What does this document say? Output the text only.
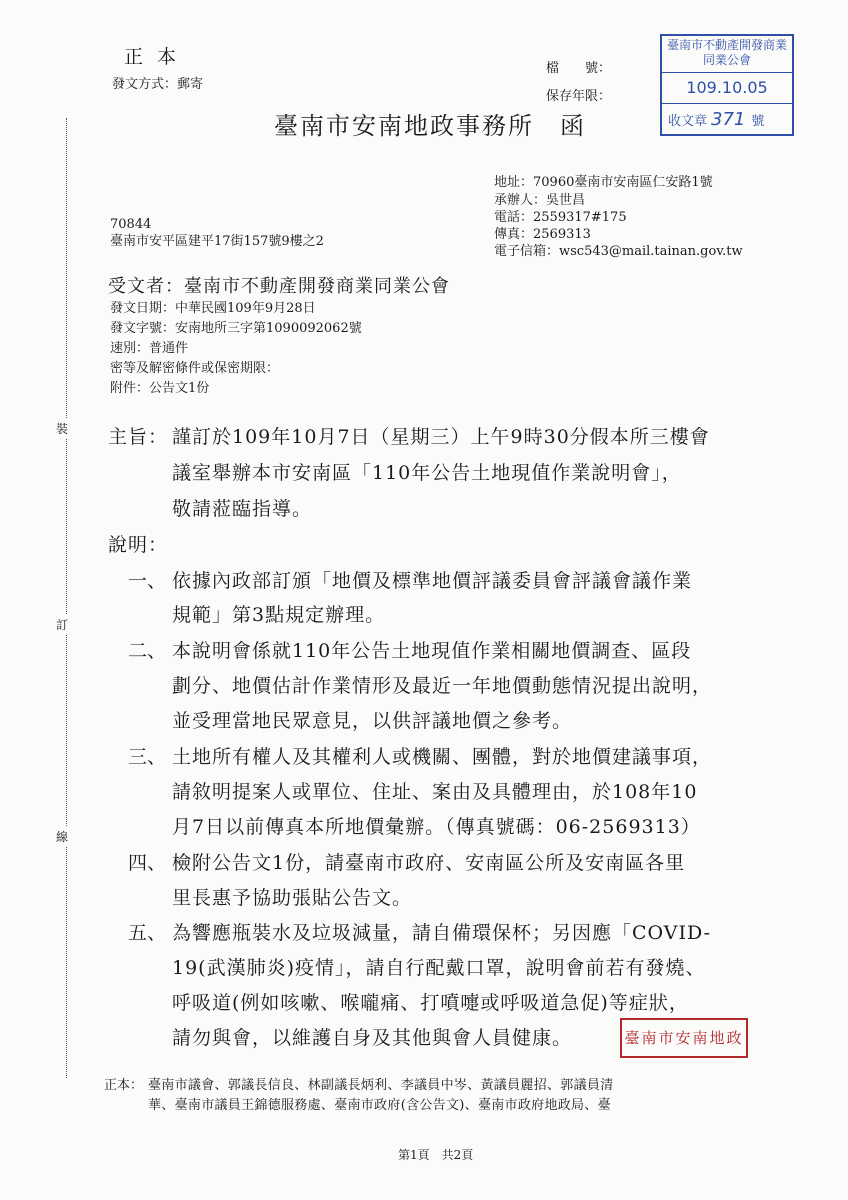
裝
訂
線
正 本
發文方式：郵寄
檔　　號：
保存年限：
臺南市安南地政事務所　函
臺南市不動產開發商業同業公會
109.10.05
收文章 371 號
地址：70960臺南市安南區仁安路1號
承辦人：吳世昌
電話：2559317#175
傳真：2569313
電子信箱：wsc543@mail.tainan.gov.tw
70844
臺南市安平區建平17街157號9樓之2
受文者：臺南市不動產開發商業同業公會
發文日期：中華民國109年9月28日
發文字號：安南地所三字第1090092062號
速別：普通件
密等及解密條件或保密期限：
附件：公告文1份
主旨： 謹訂於109年10月7日（星期三）上午9時30分假本所三樓會
議室舉辦本市安南區「110年公告土地現值作業說明會」，
敬請蒞臨指導。
說明：
一、 依據內政部訂頒「地價及標準地價評議委員會評議會議作業
規範」第3點規定辦理。
二、 本說明會係就110年公告土地現值作業相關地價調查、區段
劃分、地價估計作業情形及最近一年地價動態情況提出說明，
並受理當地民眾意見，以供評議地價之參考。
三、 土地所有權人及其權利人或機關、團體，對於地價建議事項，
請敘明提案人或單位、住址、案由及具體理由，於108年10
月7日以前傳真本所地價彙辦。（傳真號碼：06-2569313）
四、 檢附公告文1份，請臺南市政府、安南區公所及安南區各里
里長惠予協助張貼公告文。
五、 為響應瓶裝水及垃圾減量，請自備環保杯；另因應「COVID-
19(武漢肺炎)疫情」，請自行配戴口罩，說明會前若有發燒、
呼吸道(例如咳嗽、喉嚨痛、打噴嚏或呼吸道急促)等症狀，
請勿與會，以維護自身及其他與會人員健康。	臺南市安南地政
正本： 臺南市議會、郭議長信良、林副議長炳利、李議員中岑、黃議員麗招、郭議員清
華、臺南市議員王錦德服務處、臺南市政府(含公告文)、臺南市政府地政局、臺
第1頁　共2頁
